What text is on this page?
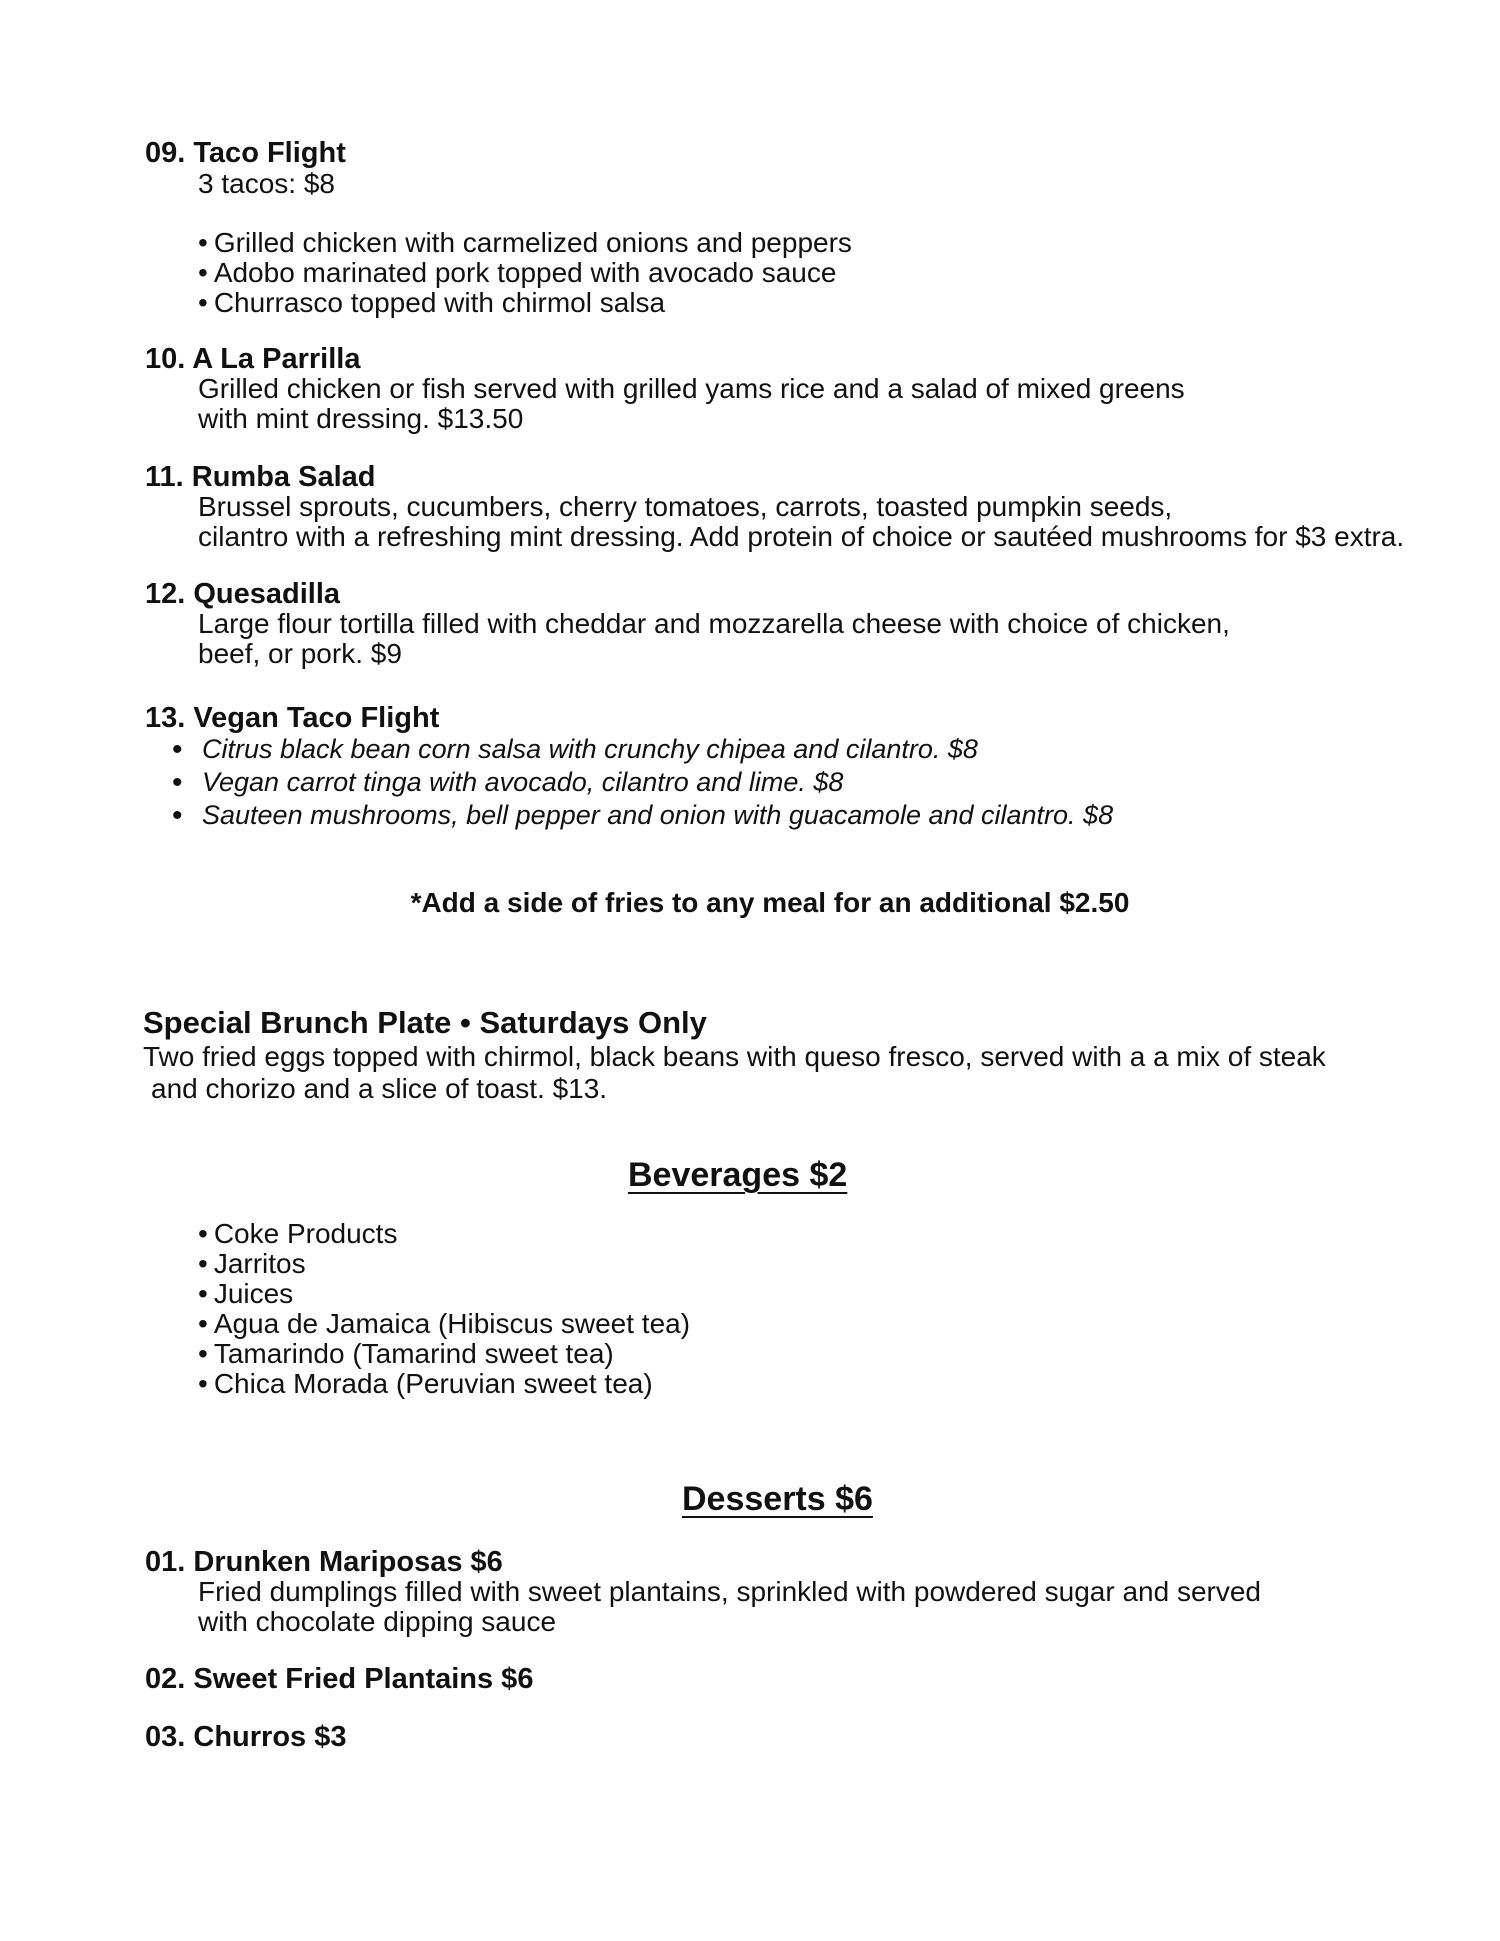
09. Taco Flight
3 tacos: $8
• Grilled chicken with carmelized onions and peppers
• Adobo marinated pork topped with avocado sauce
• Churrasco topped with chirmol salsa
10. A La Parrilla
Grilled chicken or fish served with grilled yams rice and a salad of mixed greens
with mint dressing. $13.50
11. Rumba Salad
Brussel sprouts, cucumbers, cherry tomatoes, carrots, toasted pumpkin seeds,
cilantro with a refreshing mint dressing. Add protein of choice or sautéed mushrooms for $3 extra.
12. Quesadilla
Large flour tortilla filled with cheddar and mozzarella cheese with choice of chicken,
beef, or pork. $9
13. Vegan Taco Flight
• Citrus black bean corn salsa with crunchy chipea and cilantro. $8
• Vegan carrot tinga with avocado, cilantro and lime. $8
• Sauteen mushrooms, bell pepper and onion with guacamole and cilantro. $8
*Add a side of fries to any meal for an additional $2.50
Special Brunch Plate • Saturdays Only
Two fried eggs topped with chirmol, black beans with queso fresco, served with a a mix of steak
and chorizo and a slice of toast. $13.
Beverages $2
• Coke Products
• Jarritos
• Juices
• Agua de Jamaica (Hibiscus sweet tea)
• Tamarindo (Tamarind sweet tea)
• Chica Morada (Peruvian sweet tea)
Desserts $6
01. Drunken Mariposas $6
Fried dumplings filled with sweet plantains, sprinkled with powdered sugar and served
with chocolate dipping sauce
02. Sweet Fried Plantains $6
03. Churros $3
